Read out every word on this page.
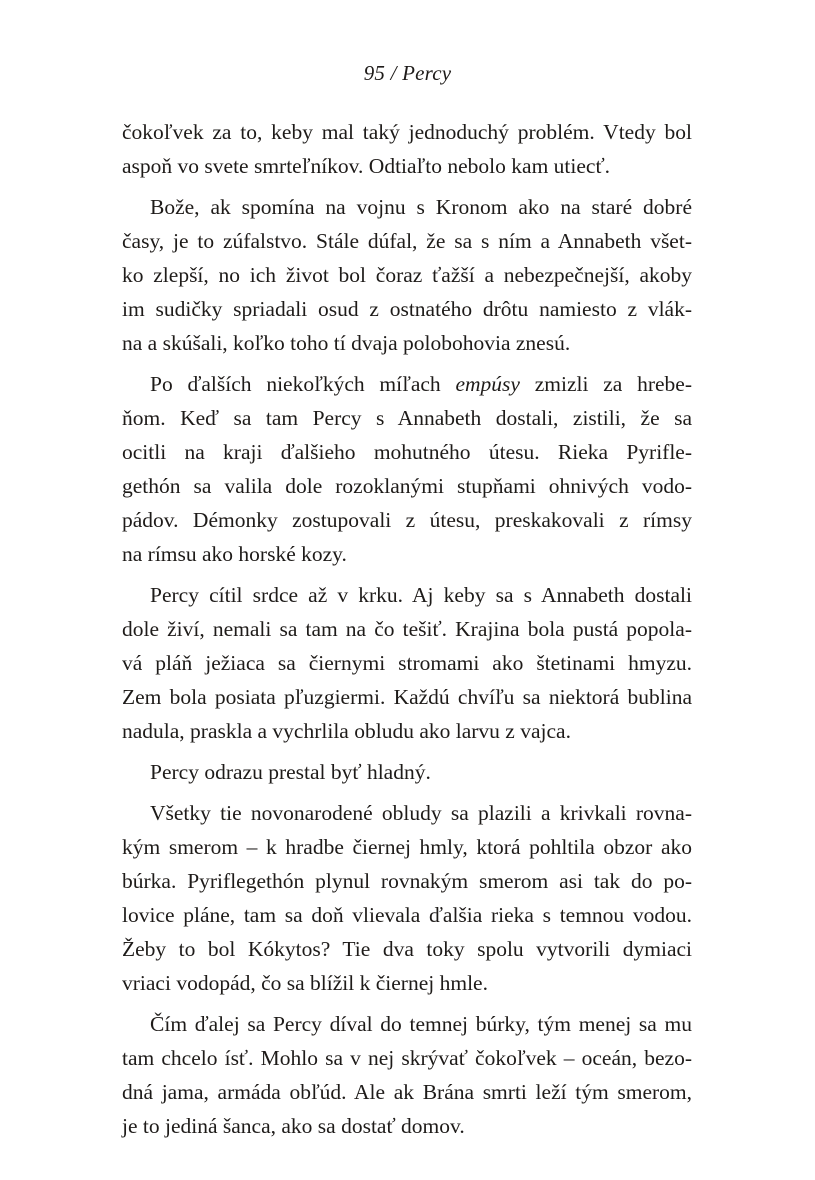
95 / Percy

čokoľvek za to, keby mal taký jednoduchý problém. Vtedy bol
aspoň vo svete smrteľníkov. Odtiaľto nebolo kam utiecť.

Bože, ak spomína na vojnu s Kronom ako na staré dobré
časy, je to zúfalstvo. Stále dúfal, že sa s ním a Annabeth všet-
ko zlepší, no ich život bol čoraz ťažší a nebezpečnejší, akoby
im sudičky spriadali osud z ostnatého drôtu namiesto z vlák-
na a skúšali, koľko toho tí dvaja polobohovia znesú.

Po ďalších niekoľkých míľach empúsy zmizli za hrebe-
ňom. Keď sa tam Percy s Annabeth dostali, zistili, že sa
ocitli na kraji ďalšieho mohutného útesu. Rieka Pyrifle-
gethón sa valila dole rozoklanými stupňami ohnivých vodo-
pádov. Démonky zostupovali z útesu, preskakovali z rímsy
na rímsu ako horské kozy.

Percy cítil srdce až v krku. Aj keby sa s Annabeth dostali
dole živí, nemali sa tam na čo tešiť. Krajina bola pustá popola-
vá pláň ježiaca sa čiernymi stromami ako štetinami hmyzu.
Zem bola posiata pľuzgiermi. Každú chvíľu sa niektorá bublina
nadula, praskla a vychrlila obludu ako larvu z vajca.

Percy odrazu prestal byť hladný.

Všetky tie novonarodené obludy sa plazili a krivkali rovna-
kým smerom – k hradbe čiernej hmly, ktorá pohltila obzor ako
búrka. Pyriflegethón plynul rovnakým smerom asi tak do po-
lovice pláne, tam sa doň vlievala ďalšia rieka s temnou vodou.
Žeby to bol Kókytos? Tie dva toky spolu vytvorili dymiaci
vriaci vodopád, čo sa blížil k čiernej hmle.

Čím ďalej sa Percy díval do temnej búrky, tým menej sa mu
tam chcelo ísť. Mohlo sa v nej skrývať čokoľvek – oceán, bezo-
dná jama, armáda obľúd. Ale ak Brána smrti leží tým smerom,
je to jediná šanca, ako sa dostať domov.
